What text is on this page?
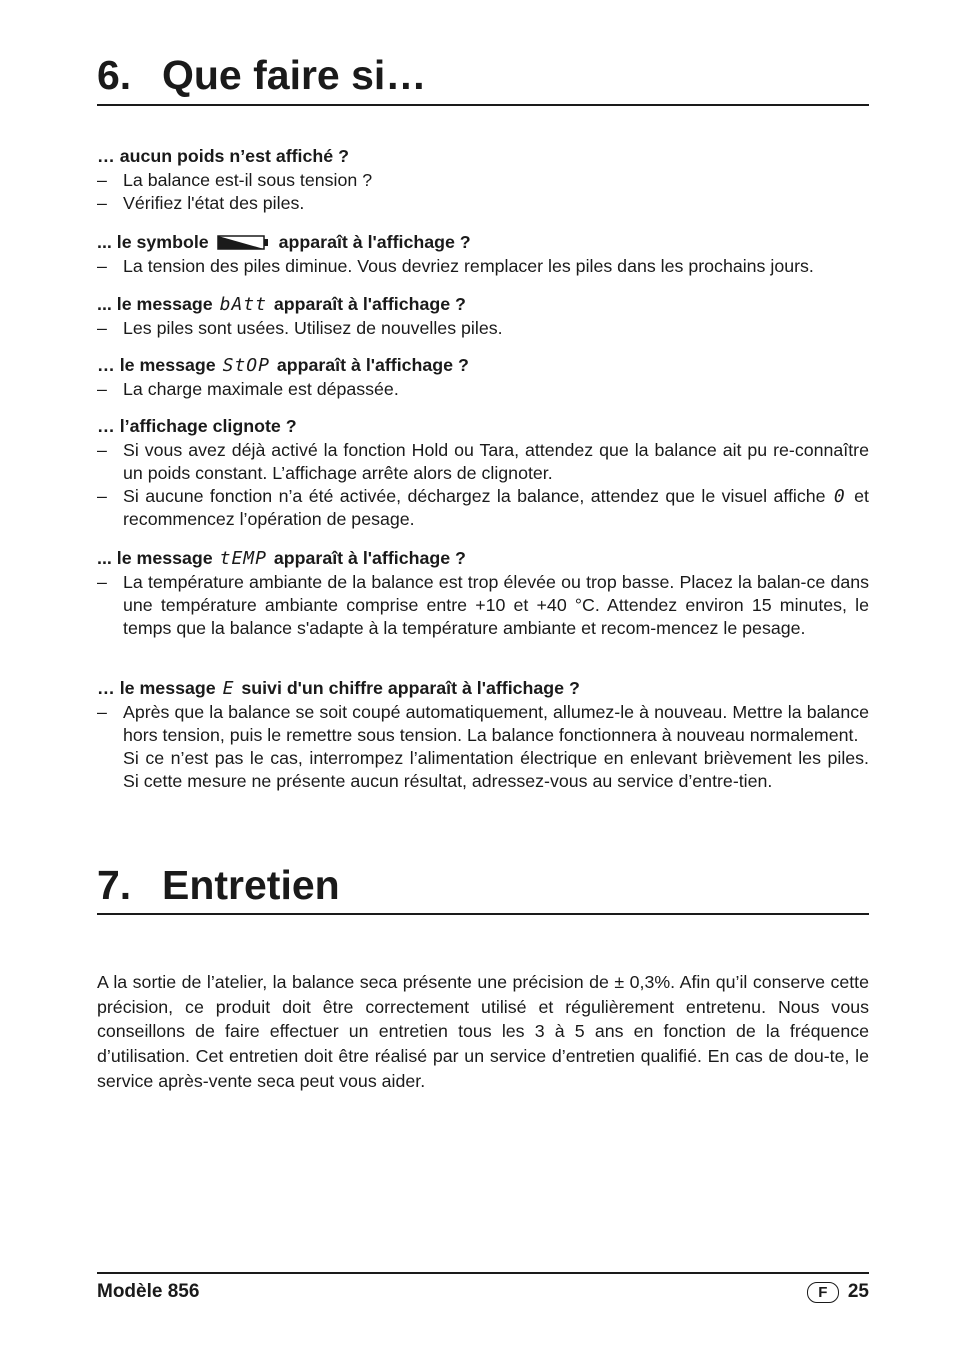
6. Que faire si…

… aucun poids n’est affiché ?

– La balance est-il sous tension ?

– Vérifiez l'état des piles.

... le symbole	apparaît à l'affichage ?

– La tension des piles diminue. Vous devriez remplacer les piles dans les prochains jours.

... le message
bAtt
apparaît à l'affichage ?

– Les piles sont usées. Utilisez de nouvelles piles.

… le message
StOP
apparaît à l'affichage ?

– La charge maximale est dépassée.

… l’affichage clignote ?

– Si vous avez déjà activé la fonction Hold ou Tara, attendez que la balance ait pu re-connaître un poids constant. L’affichage arrête alors de clignoter.

– Si aucune fonction n’a été activée, déchargez la balance, attendez que le visuel affiche 0 et recommencez l’opération de pesage.

... le message
tEMP
apparaît à l'affichage ?

– La température ambiante de la balance est trop élevée ou trop basse. Placez la balan-ce dans une température ambiante comprise entre +10 et +40 °C. Attendez environ 15 minutes, le temps que la balance s'adapte à la température ambiante et recom-mencez le pesage.

… le message
E
suivi d'un chiffre apparaît à l'affichage ?

– Après que la balance se soit coupé automatiquement, allumez-le à nouveau. Mettre la balance hors tension, puis le remettre sous tension. La balance fonctionnera à nouveau normalement.

Si ce n’est pas le cas, interrompez l’alimentation électrique en enlevant brièvement les piles. Si cette mesure ne présente aucun résultat, adressez-vous au service d’entre-tien.

7. Entretien

A la sortie de l’atelier, la balance seca présente une précision de ± 0,3%. Afin qu’il conserve cette précision, ce produit doit être correctement utilisé et régulièrement entretenu. Nous vous conseillons de faire effectuer un entretien tous les 3 à 5 ans en fonction de la fréquence d’utilisation. Cet entretien doit être réalisé par un service d’entretien qualifié. En cas de dou-te, le service après-vente seca peut vous aider.

Modèle 856	F	25
